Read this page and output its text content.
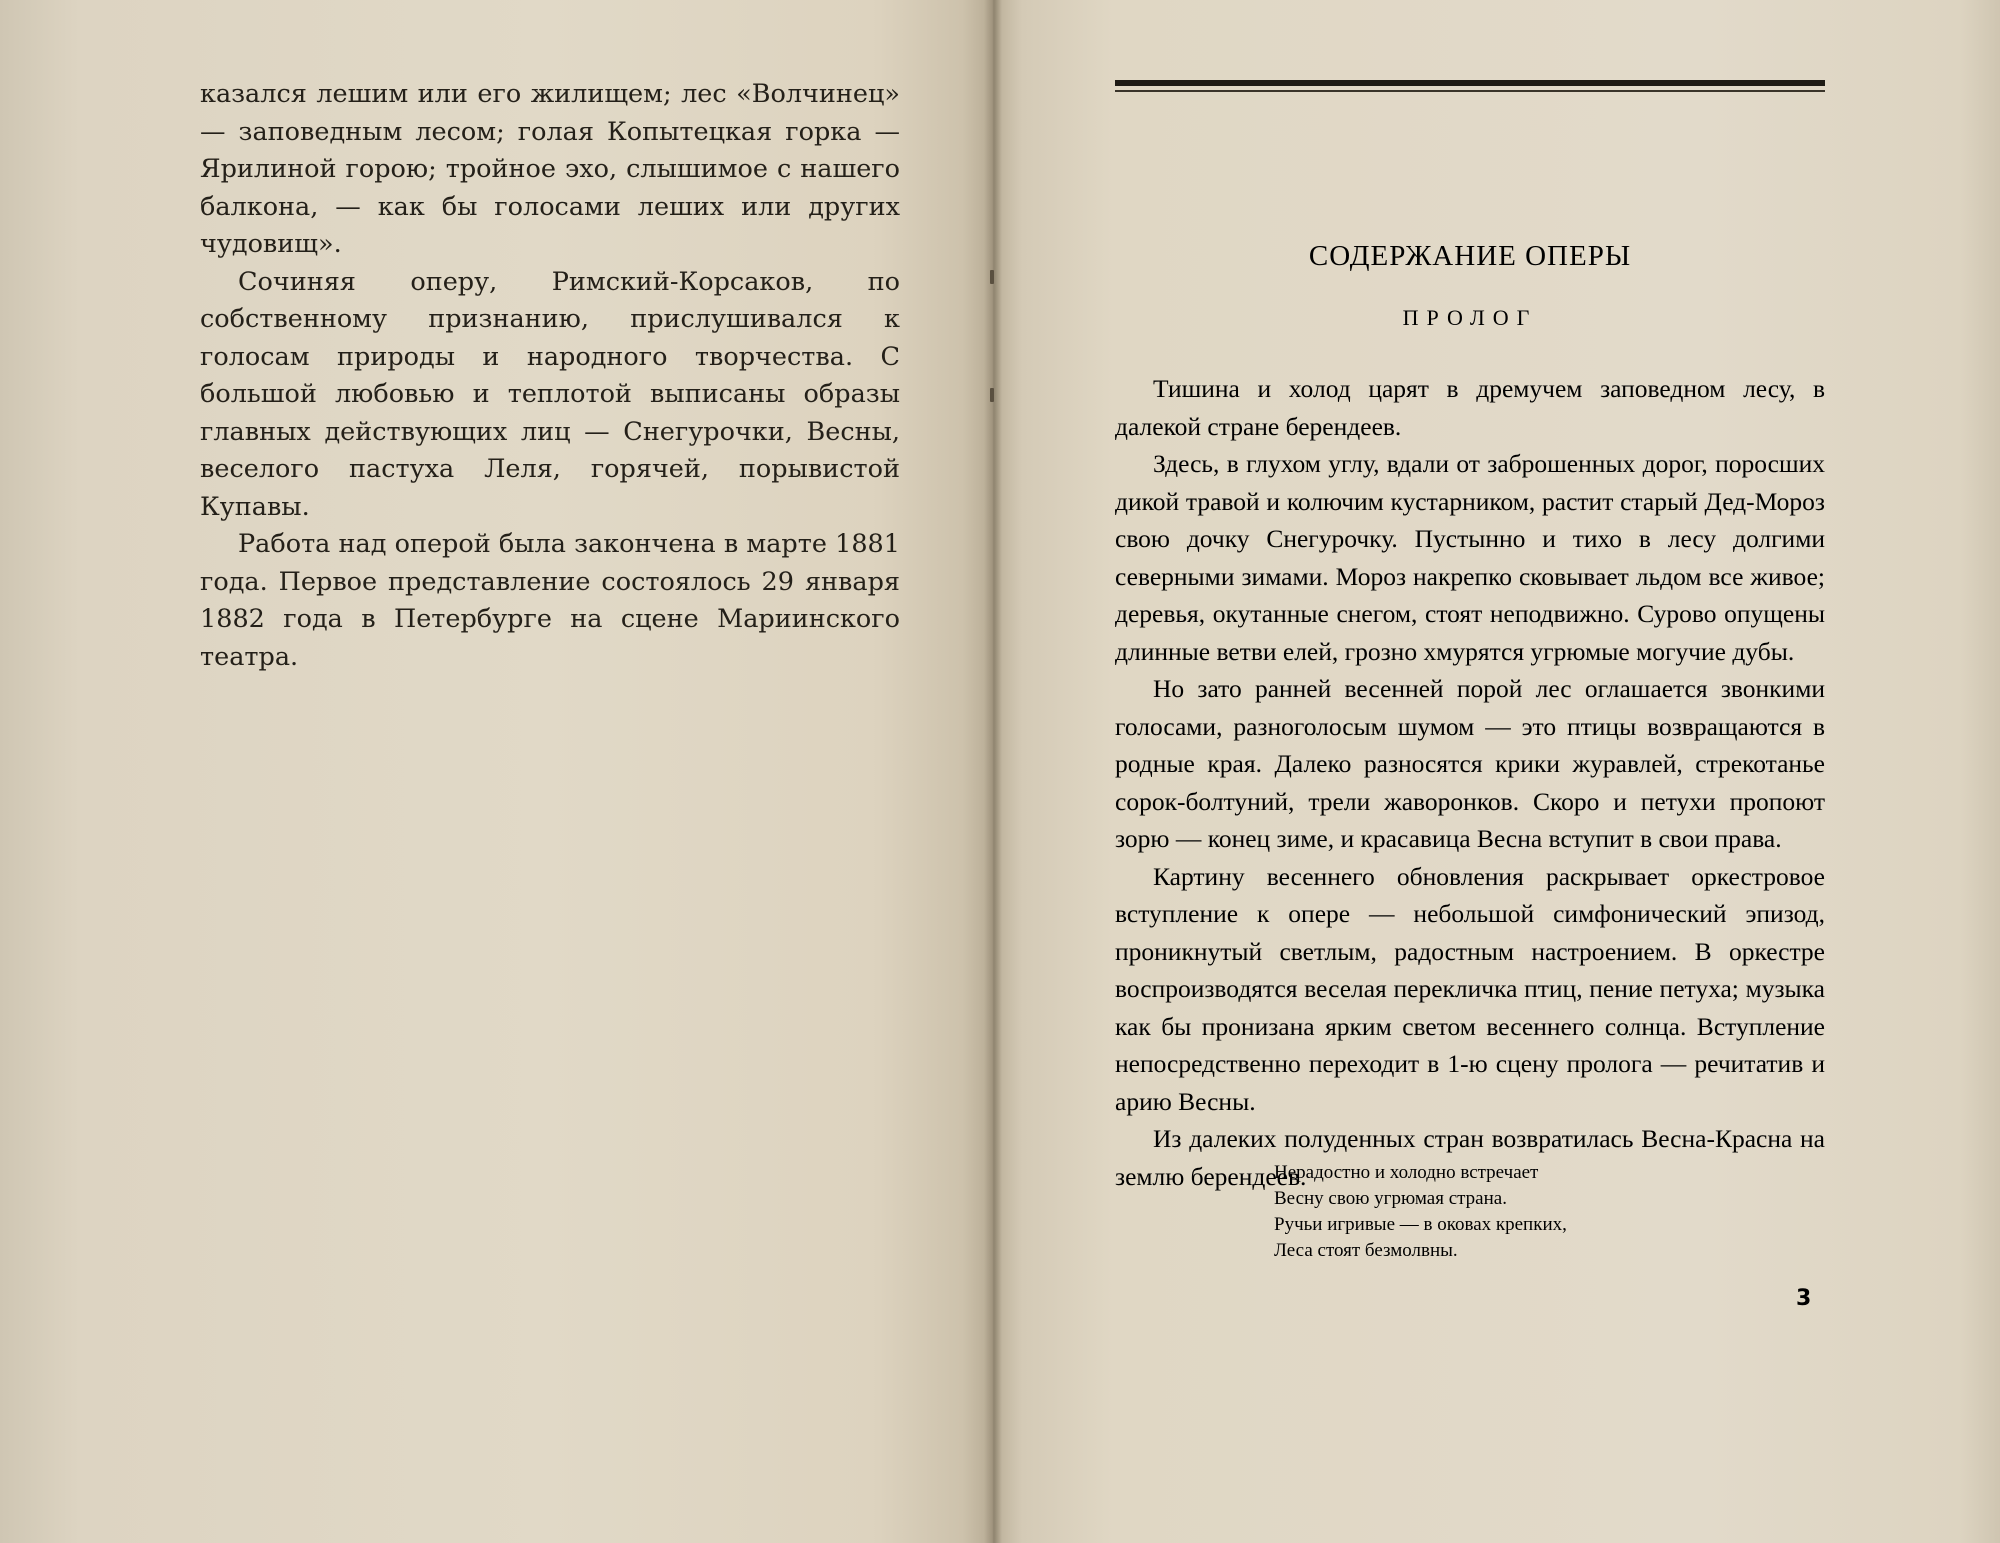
казался лешим или его жилищем; лес «Волчинец» — заповедным лесом; голая Копытецкая горка — Ярилиной горою; тройное эхо, слышимое с нашего балкона, — как бы голосами леших или других чудовищ».

Сочиняя оперу, Римский-Корсаков, по собственному признанию, прислушивался к голосам природы и народного творчества. С большой любовью и теплотой выписаны образы главных действующих лиц — Снегурочки, Весны, веселого пастуха Леля, горячей, порывистой Купавы.

Работа над оперой была закончена в марте 1881 года. Первое представление состоялось 29 января 1882 года в Петербурге на сцене Мариинского театра.

СОДЕРЖАНИЕ ОПЕРЫ
ПРОЛОГ

Тишина и холод царят в дремучем заповедном лесу, в далекой стране берендеев.

Здесь, в глухом углу, вдали от заброшенных дорог, поросших дикой травой и колючим кустарником, растит старый Дед-Мороз свою дочку Снегурочку. Пустынно и тихо в лесу долгими северными зимами. Мороз накрепко сковывает льдом все живое; деревья, окутанные снегом, стоят неподвижно. Сурово опущены длинные ветви елей, грозно хмурятся угрюмые могучие дубы.

Но зато ранней весенней порой лес оглашается звонкими голосами, разноголосым шумом — это птицы возвращаются в родные края. Далеко разносятся крики журавлей, стрекотанье сорок-болтуний, трели жаворонков. Скоро и петухи пропоют зорю — конец зиме, и красавица Весна вступит в свои права.

Картину весеннего обновления раскрывает оркестровое вступление к опере — небольшой симфонический эпизод, проникнутый светлым, радостным настроением. В оркестре воспроизводятся веселая перекличка птиц, пение петуха; музыка как бы пронизана ярким светом весеннего солнца. Вступление непосредственно переходит в 1-ю сцену пролога — речитатив и арию Весны.

Из далеких полуденных стран возвратилась Весна-Красна на землю берендеев.

Нерадостно и холодно встречает
Весну свою угрюмая страна.
Ручьи игривые — в оковах крепких,
Леса стоят безмолвны.
3
